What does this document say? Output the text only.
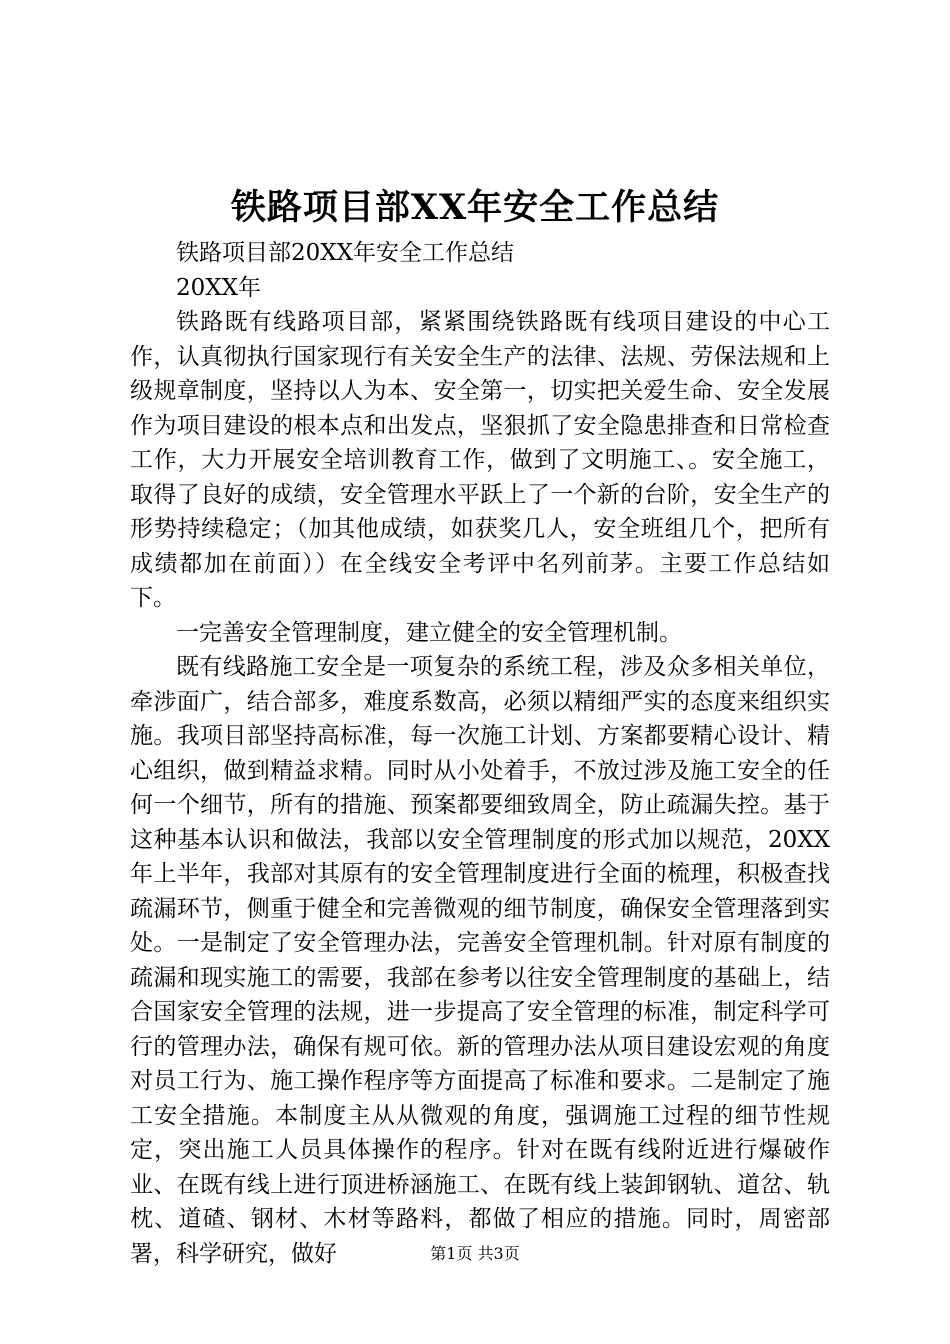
铁路项目部XX年安全工作总结

铁路项目部20XX年安全工作总结

20XX年

铁路既有线路项目部，紧紧围绕铁路既有线项目建设的中心工作，认真彻执行国家现行有关安全生产的法律、法规、劳保法规和上级规章制度，坚持以人为本、安全第一，切实把关爱生命、安全发展作为项目建设的根本点和出发点，坚狠抓了安全隐患排查和日常检查工作，大力开展安全培训教育工作，做到了文明施工、。安全施工，取得了良好的成绩，安全管理水平跃上了一个新的台阶，安全生产的形势持续稳定；（加其他成绩，如获奖几人，安全班组几个，把所有成绩都加在前面））在全线安全考评中名列前茅。主要工作总结如下。

一完善安全管理制度，建立健全的安全管理机制。

既有线路施工安全是一项复杂的系统工程，涉及众多相关单位，牵涉面广，结合部多，难度系数高，必须以精细严实的态度来组织实施。我项目部坚持高标准，每一次施工计划、方案都要精心设计、精心组织，做到精益求精。同时从小处着手，不放过涉及施工安全的任何一个细节，所有的措施、预案都要细致周全，防止疏漏失控。基于这种基本认识和做法，我部以安全管理制度的形式加以规范，20XX年上半年，我部对其原有的安全管理制度进行全面的梳理，积极查找疏漏环节，侧重于健全和完善微观的细节制度，确保安全管理落到实处。一是制定了安全管理办法，完善安全管理机制。针对原有制度的疏漏和现实施工的需要，我部在参考以往安全管理制度的基础上，结合国家安全管理的法规，进一步提高了安全管理的标准，制定科学可行的管理办法，确保有规可依。新的管理办法从项目建设宏观的角度对员工行为、施工操作程序等方面提高了标准和要求。二是制定了施工安全措施。本制度主从从微观的角度，强调施工过程的细节性规定，突出施工人员具体操作的程序。针对在既有线附近进行爆破作业、在既有线上进行顶进桥涵施工、在既有线上装卸钢轨、道岔、轨枕、道碴、钢材、木材等路料，都做了相应的措施。同时，周密部署，科学研究，做好	第1页 共3页
